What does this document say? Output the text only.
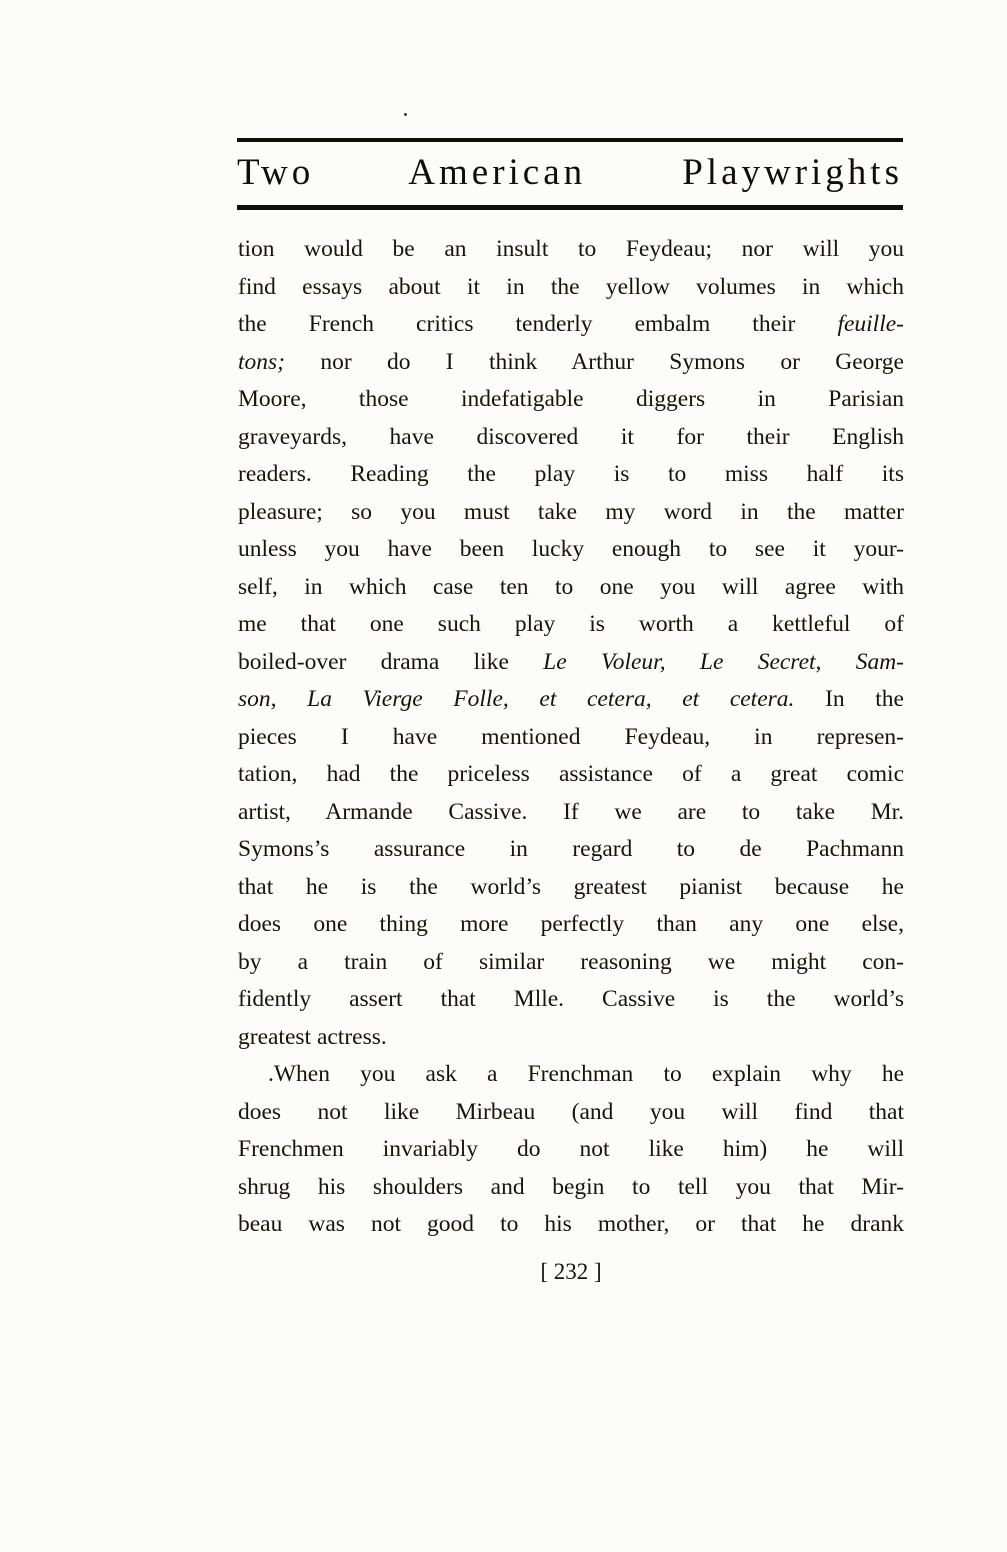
Two American Playwrights
tion would be an insult to Feydeau; nor will you
find essays about it in the yellow volumes in which
the French critics tenderly embalm their feuille-
tons; nor do I think Arthur Symons or George
Moore, those indefatigable diggers in Parisian
graveyards, have discovered it for their English
readers. Reading the play is to miss half its
pleasure; so you must take my word in the matter
unless you have been lucky enough to see it your-
self, in which case ten to one you will agree with
me that one such play is worth a kettleful of
boiled-over drama like Le Voleur, Le Secret, Sam-
son, La Vierge Folle, et cetera, et cetera. In the
pieces I have mentioned Feydeau, in represen-
tation, had the priceless assistance of a great comic
artist, Armande Cassive. If we are to take Mr.
Symons’s assurance in regard to de Pachmann
that he is the world’s greatest pianist because he
does one thing more perfectly than any one else,
by a train of similar reasoning we might con-
fidently assert that Mlle. Cassive is the world’s
greatest actress.
.When you ask a Frenchman to explain why he
does not like Mirbeau (and you will find that
Frenchmen invariably do not like him) he will
shrug his shoulders and begin to tell you that Mir-
beau was not good to his mother, or that he drank
[ 232 ]
